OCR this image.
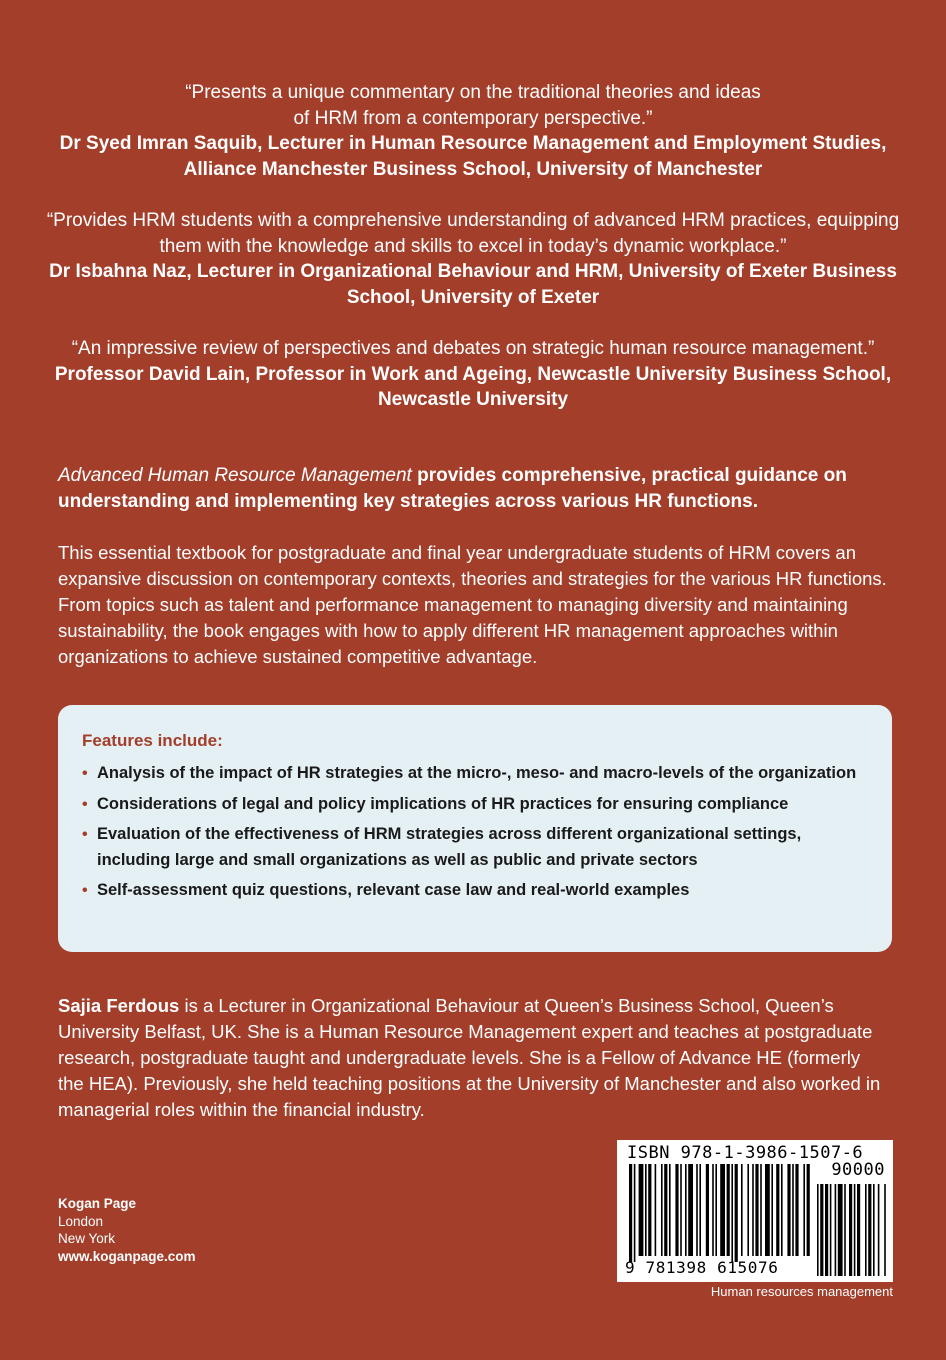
“Presents a unique commentary on the traditional theories and ideas of HRM from a contemporary perspective.”
Dr Syed Imran Saquib, Lecturer in Human Resource Management and Employment Studies, Alliance Manchester Business School, University of Manchester
“Provides HRM students with a comprehensive understanding of advanced HRM practices, equipping them with the knowledge and skills to excel in today’s dynamic workplace.”
Dr Isbahna Naz, Lecturer in Organizational Behaviour and HRM, University of Exeter Business School, University of Exeter
“An impressive review of perspectives and debates on strategic human resource management.”
Professor David Lain, Professor in Work and Ageing, Newcastle University Business School, Newcastle University
Advanced Human Resource Management provides comprehensive, practical guidance on understanding and implementing key strategies across various HR functions.
This essential textbook for postgraduate and final year undergraduate students of HRM covers an expansive discussion on contemporary contexts, theories and strategies for the various HR functions. From topics such as talent and performance management to managing diversity and maintaining sustainability, the book engages with how to apply different HR management approaches within organizations to achieve sustained competitive advantage.
Features include:
• Analysis of the impact of HR strategies at the micro-, meso- and macro-levels of the organization
• Considerations of legal and policy implications of HR practices for ensuring compliance
• Evaluation of the effectiveness of HRM strategies across different organizational settings, including large and small organizations as well as public and private sectors
• Self-assessment quiz questions, relevant case law and real-world examples
Sajia Ferdous is a Lecturer in Organizational Behaviour at Queen’s Business School, Queen’s University Belfast, UK. She is a Human Resource Management expert and teaches at postgraduate research, postgraduate taught and undergraduate levels. She is a Fellow of Advance HE (formerly the HEA). Previously, she held teaching positions at the University of Manchester and also worked in managerial roles within the financial industry.
Kogan Page
London
New York
www.koganpage.com
ISBN 978-1-3986-1507-6
90000
9 781398 615076
Human resources management
